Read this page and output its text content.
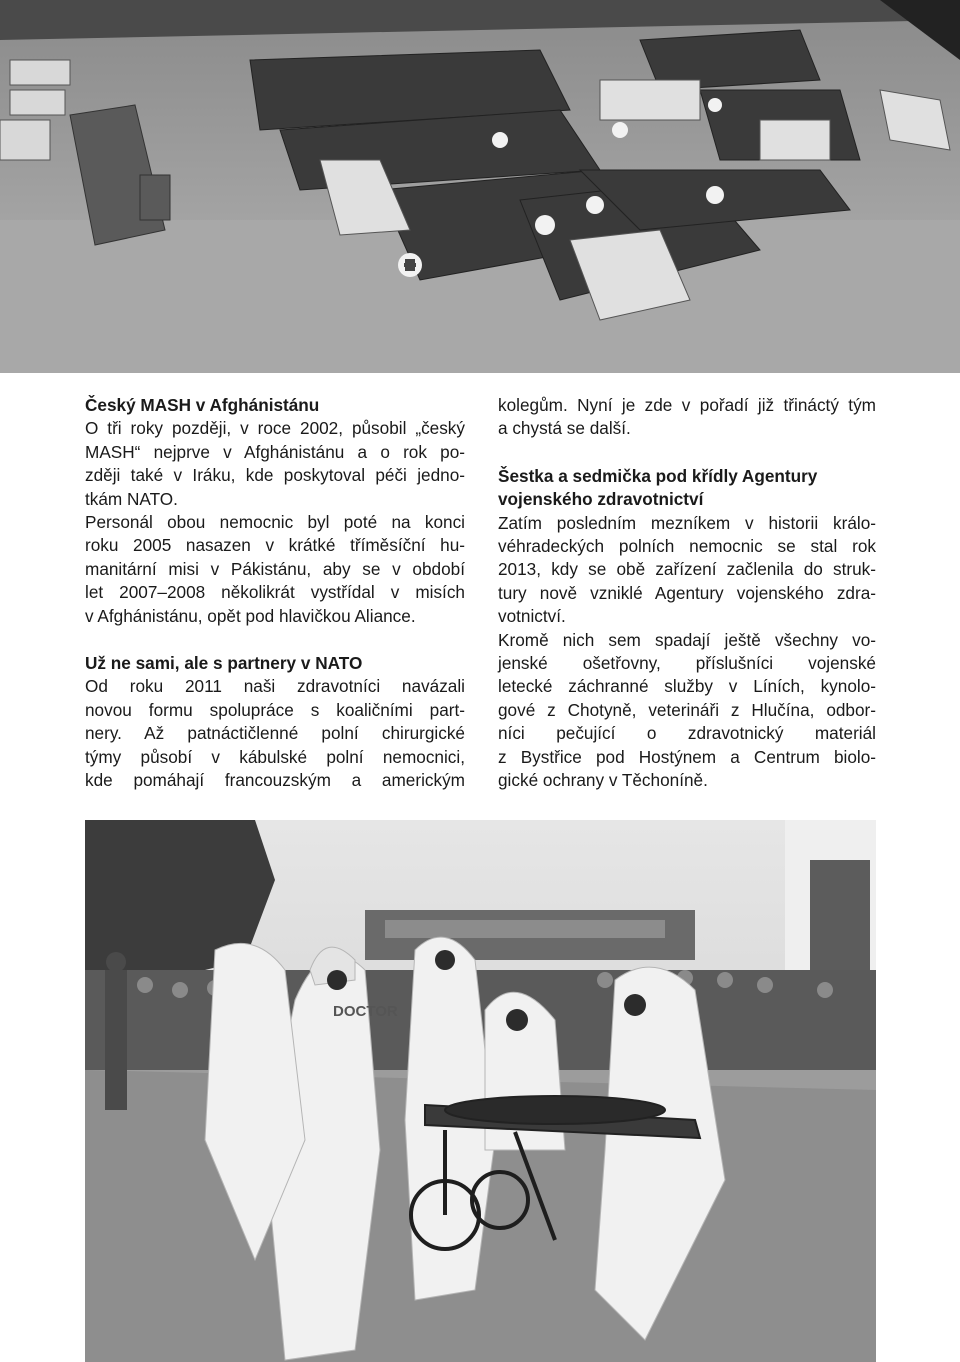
Český MASH v Afghánistánu

O tři roky později, v roce 2002, působil „český
MASH“ nejprve v Afghánistánu a o rok po-
zději také v Iráku, kde poskytoval péči jedno-
tkám NATO.
Personál obou nemocnic byl poté na konci
roku 2005 nasazen v krátké tříměsíční hu-
manitární misi v Pákistánu, aby se v období
let 2007–2008 několikrát vystřídal v misích
v Afghánistánu, opět pod hlavičkou Aliance.

Už ne sami, ale s partnery v NATO

Od roku 2011 naši zdravotníci navázali
novou formu spolupráce s koaličními part-
nery. Až patnáctičlenné polní chirurgické
týmy působí v kábulské polní nemocnici,
kde pomáhají francouzským a americkým

kolegům. Nyní je zde v pořadí již třináctý tým
a chystá se další.

Šestka a sedmička pod křídly Agentury
vojenského zdravotnictví

Zatím posledním mezníkem v historii králo-
véhradeckých polních nemocnic se stal rok
2013, kdy se obě zařízení začlenila do struk-
tury nově vzniklé Agentury vojenského zdra-
votnictví.
Kromě nich sem spadají ještě všechny vo-
jenské ošetřovny, příslušníci vojenské
letecké záchranné služby v Líních, kynolo-
gové z Chotyně, veterináři z Hlučína, odbor-
níci pečující o zdravotnický materiál
z Bystřice pod Hostýnem a Centrum biolo-
gické ochrany v Těchoníně.

DOCTOR
